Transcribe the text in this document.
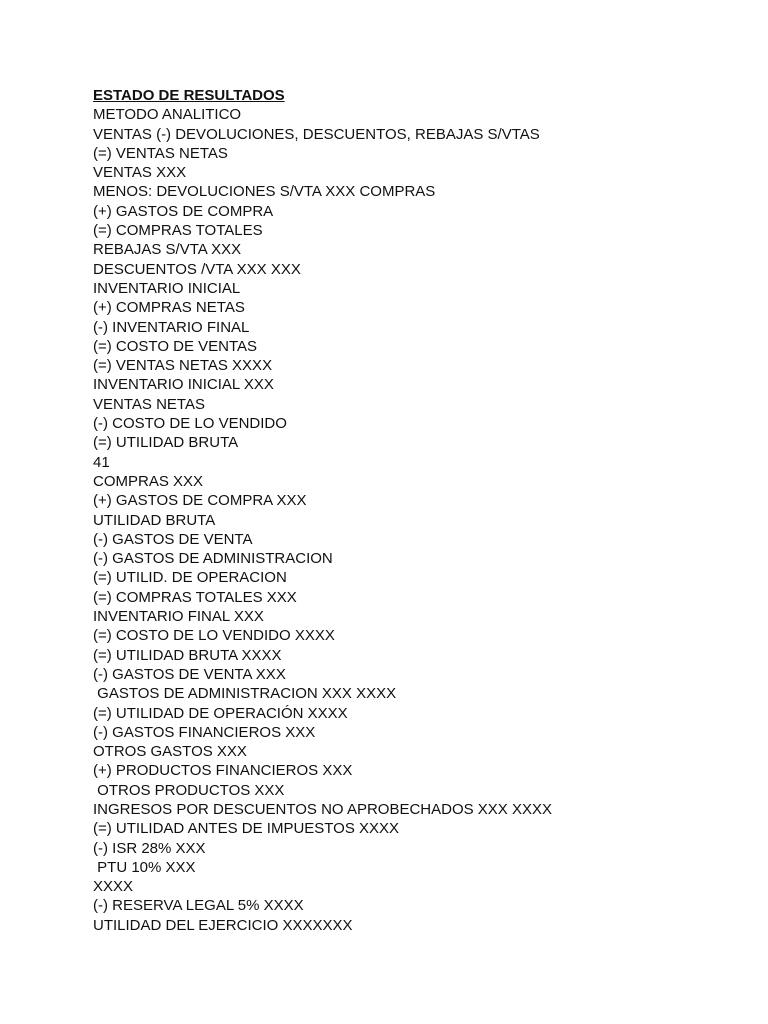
ESTADO DE RESULTADOS
METODO ANALITICO
VENTAS (-) DEVOLUCIONES, DESCUENTOS, REBAJAS S/VTAS
(=) VENTAS NETAS
VENTAS XXX
MENOS: DEVOLUCIONES S/VTA XXX COMPRAS
(+) GASTOS DE COMPRA
(=) COMPRAS TOTALES
REBAJAS S/VTA XXX
DESCUENTOS /VTA XXX XXX
INVENTARIO INICIAL
(+) COMPRAS NETAS
(-) INVENTARIO FINAL
(=) COSTO DE VENTAS
(=) VENTAS NETAS XXXX
INVENTARIO INICIAL XXX
VENTAS NETAS
(-) COSTO DE LO VENDIDO
(=) UTILIDAD BRUTA
41
COMPRAS XXX
(+) GASTOS DE COMPRA XXX
UTILIDAD BRUTA
(-) GASTOS DE VENTA
(-) GASTOS DE ADMINISTRACION
(=) UTILID. DE OPERACION
(=) COMPRAS TOTALES XXX
INVENTARIO FINAL XXX
(=) COSTO DE LO VENDIDO XXXX
(=) UTILIDAD BRUTA XXXX
(-) GASTOS DE VENTA XXX
GASTOS DE ADMINISTRACION XXX XXXX
(=) UTILIDAD DE OPERACIÓN XXXX
(-) GASTOS FINANCIEROS XXX
OTROS GASTOS XXX
(+) PRODUCTOS FINANCIEROS XXX
OTROS PRODUCTOS XXX
INGRESOS POR DESCUENTOS NO APROBECHADOS XXX XXXX
(=) UTILIDAD ANTES DE IMPUESTOS XXXX
(-) ISR 28% XXX
PTU 10% XXX
XXXX
(-) RESERVA LEGAL 5% XXXX
UTILIDAD DEL EJERCICIO XXXXXXX
